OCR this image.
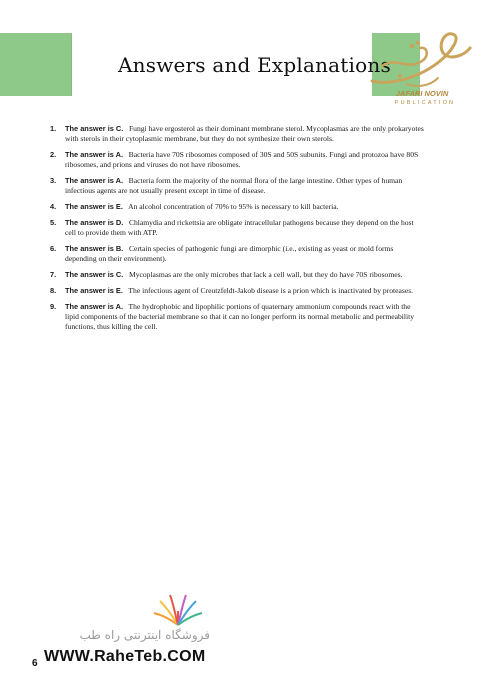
Answers and Explanations
JAFARI NOVIN
PUBLICATION
1. The answer is C.  Fungi have ergosterol as their dominant membrane sterol. Mycoplasmas are the only prokaryotes with sterols in their cytoplasmic membrane, but they do not synthesize their own sterols.
2. The answer is A.  Bacteria have 70S ribosomes composed of 30S and 50S subunits. Fungi and protozoa have 80S ribosomes, and prions and viruses do not have ribosomes.
3. The answer is A.  Bacteria form the majority of the normal flora of the large intestine. Other types of human infectious agents are not usually present except in time of disease.
4. The answer is E.  An alcohol concentration of 70% to 95% is necessary to kill bacteria.
5. The answer is D.  Chlamydia and rickettsia are obligate intracellular pathogens because they depend on the host cell to provide them with ATP.
6. The answer is B.  Certain species of pathogenic fungi are dimorphic (i.e., existing as yeast or mold forms depending on their environment).
7. The answer is C.  Mycoplasmas are the only microbes that lack a cell wall, but they do have 70S ribosomes.
8. The answer is E.  The infectious agent of Creutzfeldt-Jakob disease is a prion which is inactivated by proteases.
9. The answer is A.  The hydrophobic and lipophilic portions of quaternary ammonium compounds react with the lipid components of the bacterial membrane so that it can no longer perform its normal metabolic and permeability functions, thus killing the cell.
فروشگاه اینترنتی راه طب
WWW.RaheTeb.COM
6
